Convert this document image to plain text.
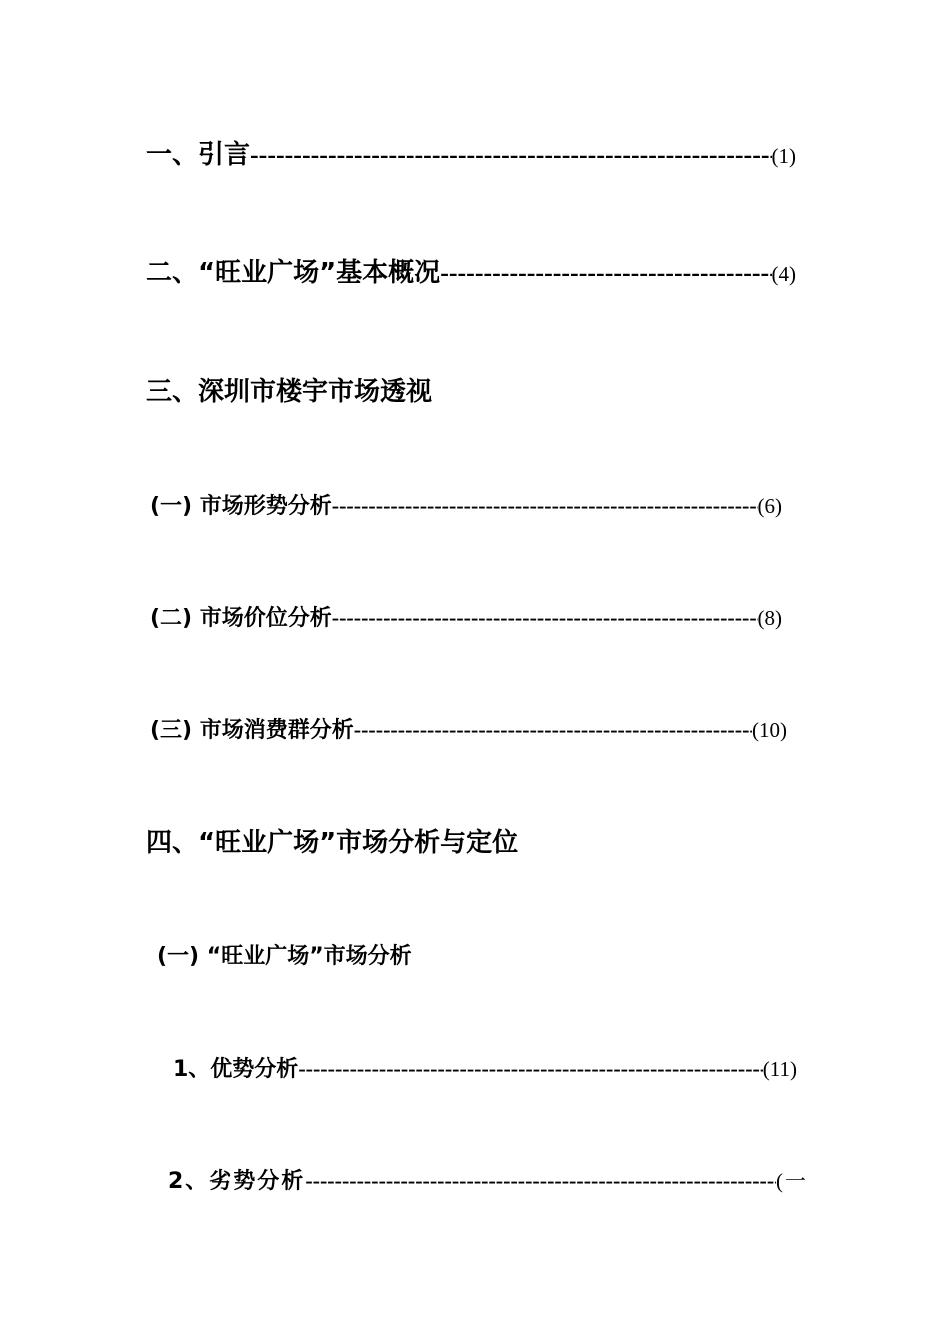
一、引言 -----	(1)
二、“旺业广场”基本概况 -----	(4)
三、深圳市楼宇市场透视
(一) 市场形势分析 -----	(6)
(二) 市场价位分析 -----	(8)
(三) 市场消费群分析 -----	(10)
四、“旺业广场”市场分析与定位
(一) “旺业广场”市场分析
1、优势分析 -----	(11)
2、劣势分析 -----	(一
